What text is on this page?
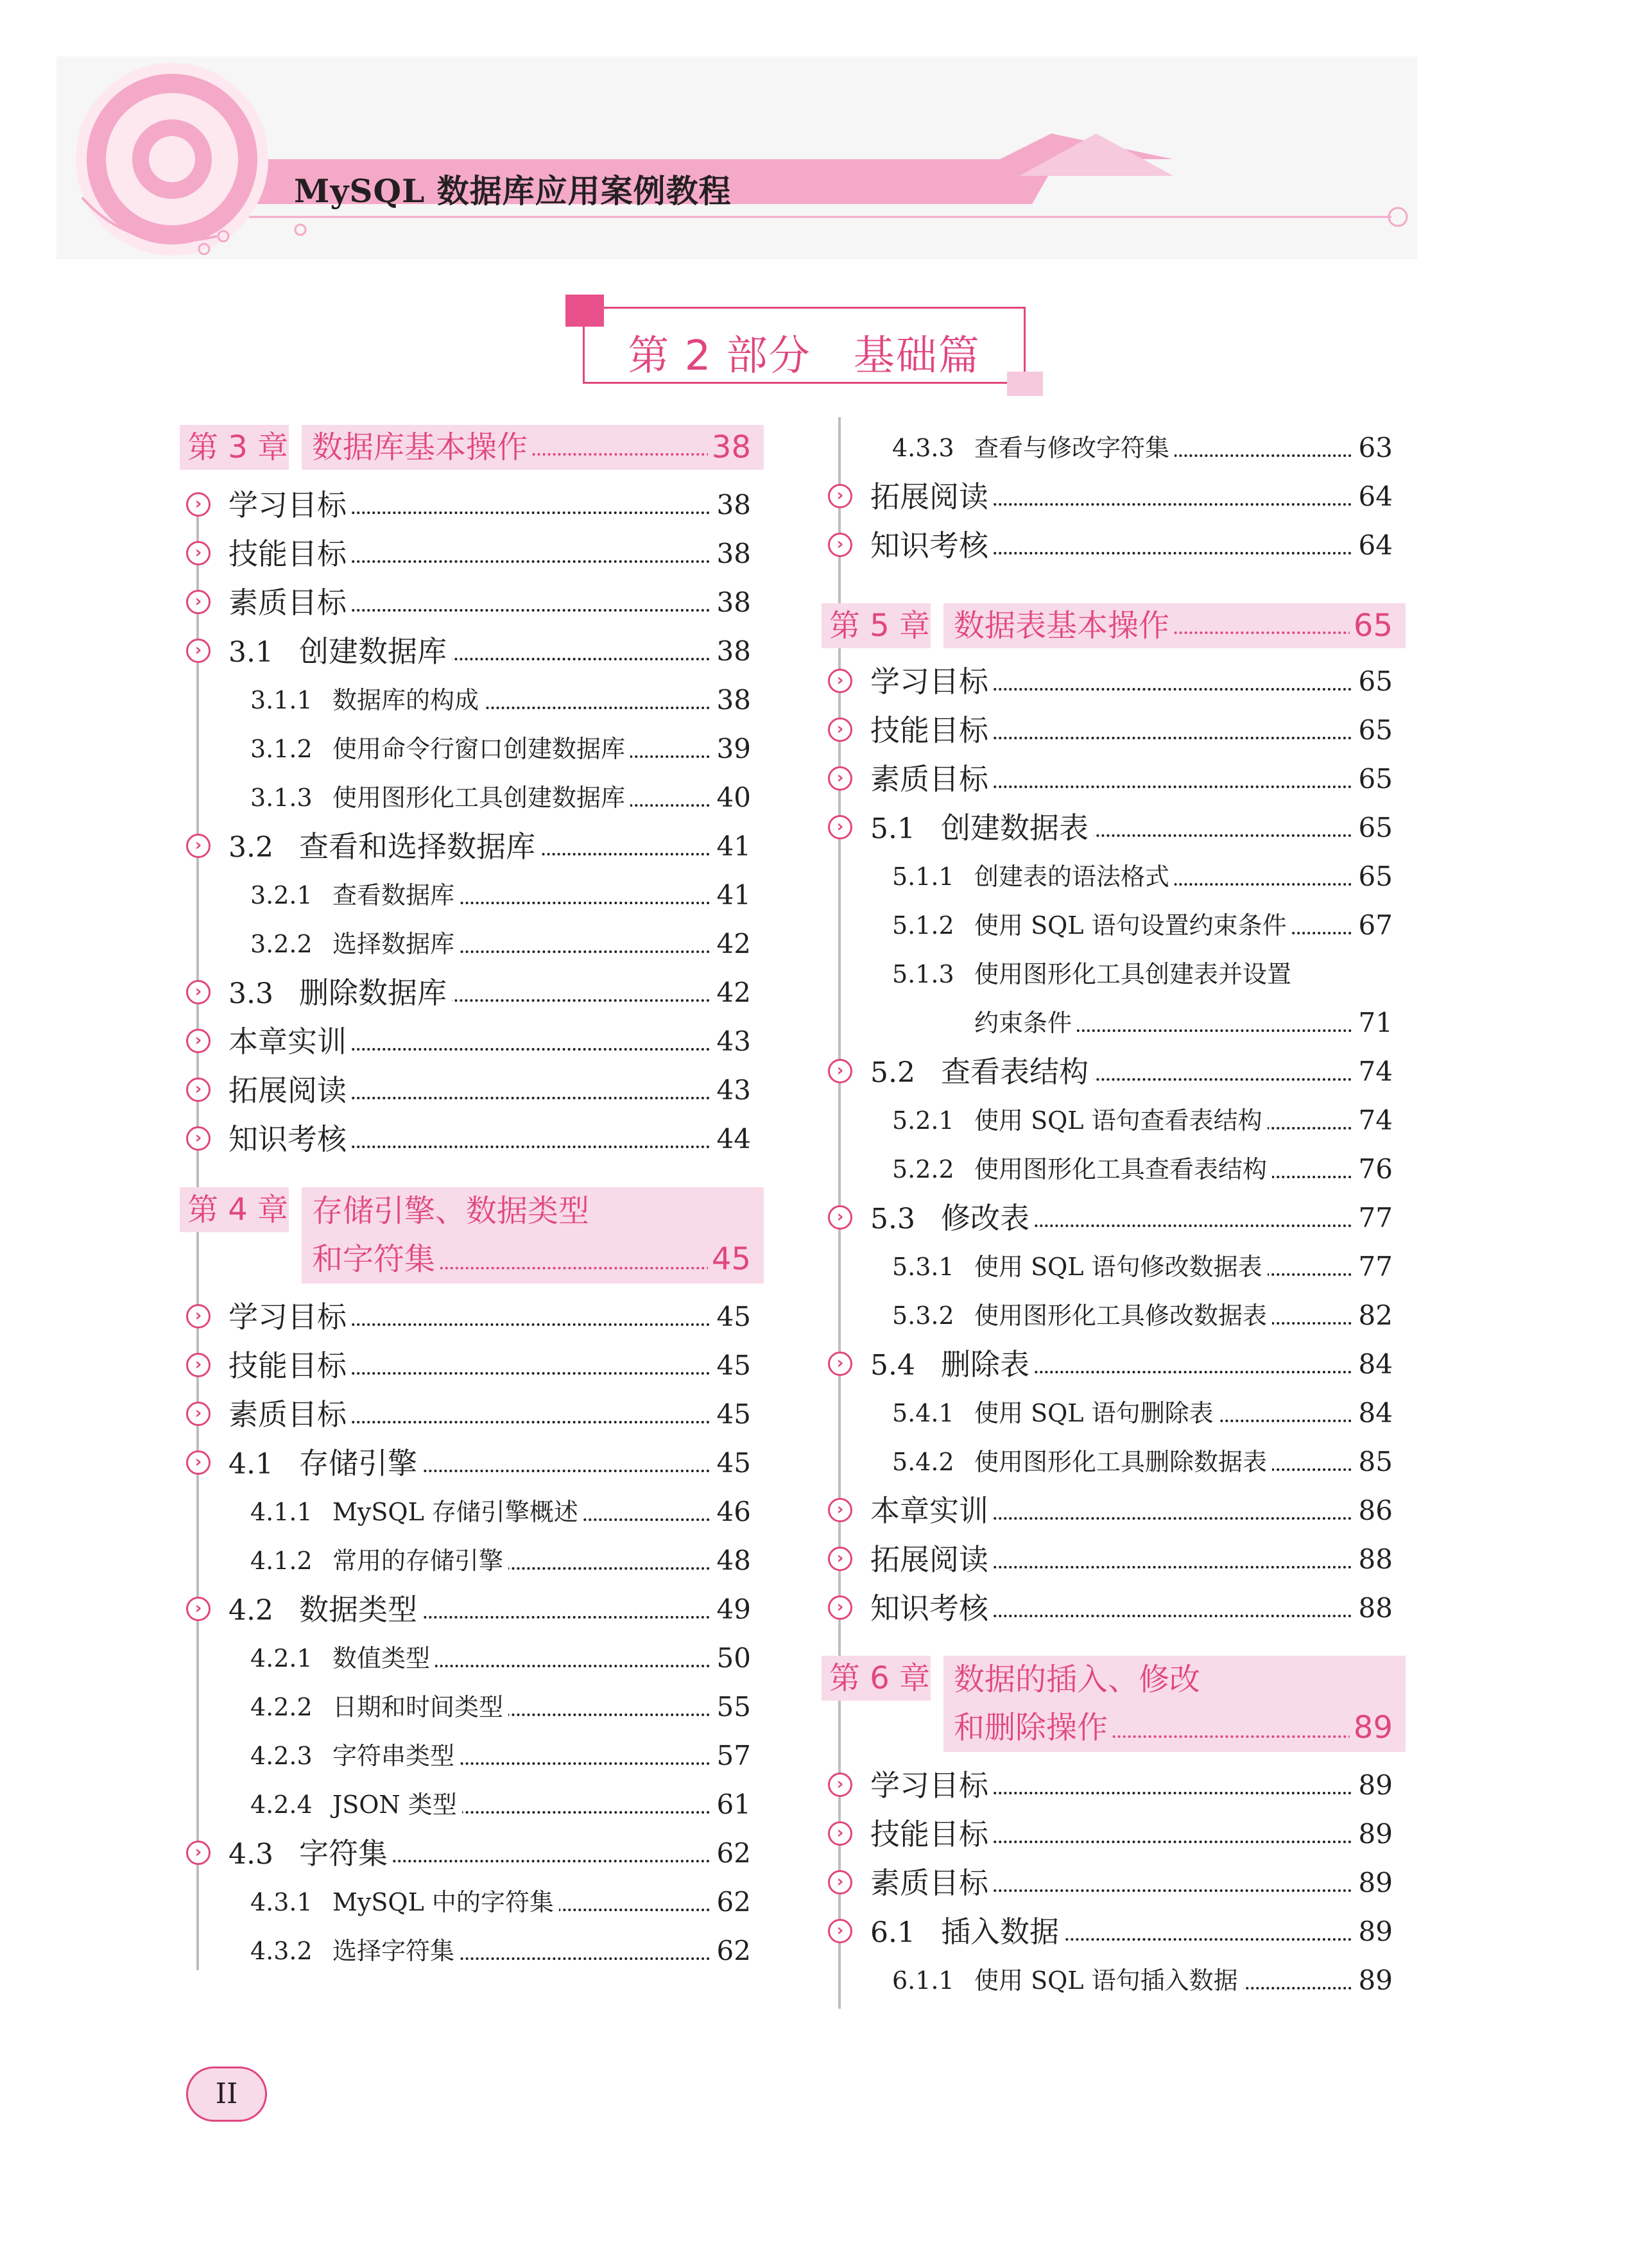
MySQL 数据库应用案例教程
第 2 部分　基础篇
第 3 章 数据库基本操作	38
› 学习目标	38
› 技能目标	38
› 素质目标	38
› 3.1 创建数据库	38
3.1.1 数据库的构成	38
3.1.2 使用命令行窗口创建数据库	39
3.1.3 使用图形化工具创建数据库	40
› 3.2 查看和选择数据库	41
3.2.1 查看数据库	41
3.2.2 选择数据库	42
› 3.3 删除数据库	42
› 本章实训	43
› 拓展阅读	43
› 知识考核	44
第 4 章 存储引擎、数据类型
和字符集	45
› 学习目标	45
› 技能目标	45
› 素质目标	45
› 4.1 存储引擎	45
4.1.1 MySQL 存储引擎概述	46
4.1.2 常用的存储引擎	48
› 4.2 数据类型	49
4.2.1 数值类型	50
4.2.2 日期和时间类型	55
4.2.3 字符串类型	57
4.2.4 JSON 类型	61
› 4.3 字符集	62
4.3.1 MySQL 中的字符集	62
4.3.2 选择字符集	62
4.3.3 查看与修改字符集	63
› 拓展阅读	64
› 知识考核	64
第 5 章 数据表基本操作	65
› 学习目标	65
› 技能目标	65
› 素质目标	65
› 5.1 创建数据表	65
5.1.1 创建表的语法格式	65
5.1.2 使用 SQL 语句设置约束条件	67
5.1.3 使用图形化工具创建表并设置
约束条件	71
› 5.2 查看表结构	74
5.2.1 使用 SQL 语句查看表结构	74
5.2.2 使用图形化工具查看表结构	76
› 5.3 修改表	77
5.3.1 使用 SQL 语句修改数据表	77
5.3.2 使用图形化工具修改数据表	82
› 5.4 删除表	84
5.4.1 使用 SQL 语句删除表	84
5.4.2 使用图形化工具删除数据表	85
› 本章实训	86
› 拓展阅读	88
› 知识考核	88
第 6 章 数据的插入、修改
和删除操作	89
› 学习目标	89
› 技能目标	89
› 素质目标	89
› 6.1 插入数据	89
6.1.1 使用 SQL 语句插入数据	89
II
